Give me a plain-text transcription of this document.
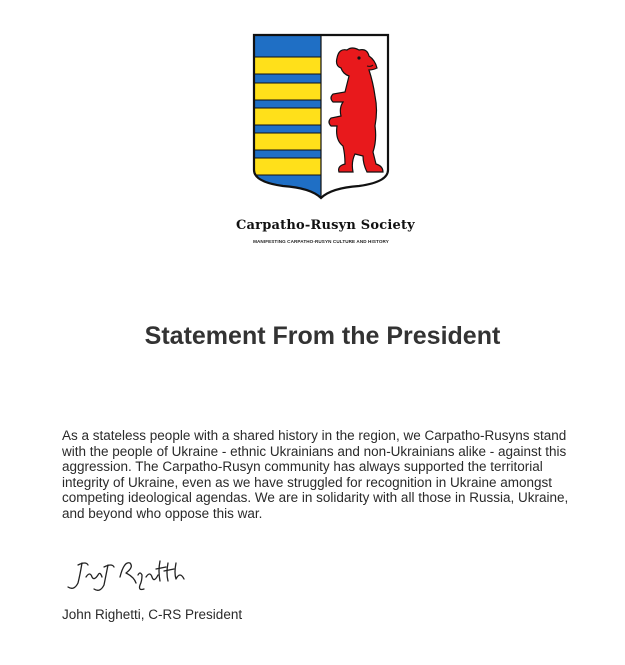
Carpatho-Rusyn Society
MANIFESTING CARPATHO-RUSYN CULTURE AND HISTORY
Statement From the President

As a stateless people with a shared history in the region, we Carpatho-Rusyns stand with the people of Ukraine - ethnic Ukrainians and non-Ukrainians alike - against this aggression. The Carpatho-Rusyn community has always supported the territorial integrity of Ukraine, even as we have struggled for recognition in Ukraine amongst competing ideological agendas. We are in solidarity with all those in Russia, Ukraine, and beyond who oppose this war.

John Righetti
John Righetti, C-RS President
